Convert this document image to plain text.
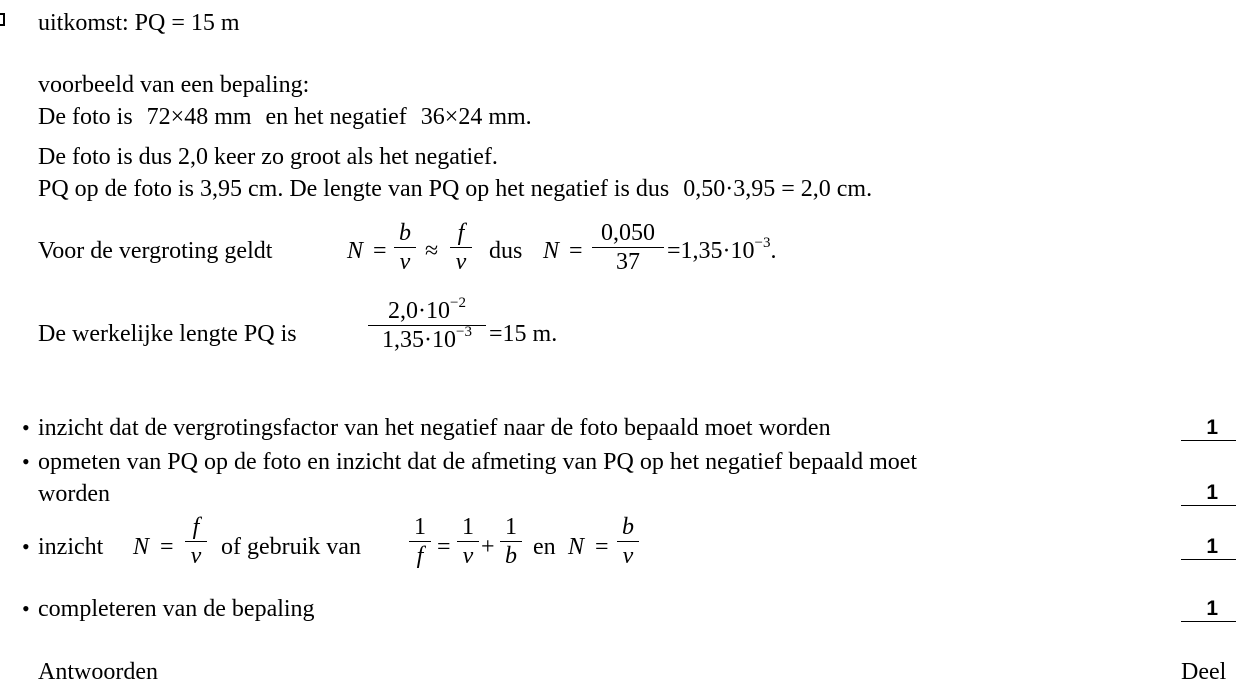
uitkomst: PQ = 15 m
voorbeeld van een bepaling:
De foto is 72×48 mm en het negatief 36×24 mm.
De foto is dus 2,0 keer zo groot als het negatief.
PQ op de foto is 3,95 cm. De lengte van PQ op het negatief is dus 0,50·3,95 = 2,0 cm.
Voor de vergroting geldt	N =
b
v ≈
f
v dus N =
0,050
37	$=1,35\cdot 10^{-3}$.
De werkelijke lengte PQ is
$2,0\cdot 10^{-2}$
$1,35\cdot 10^{-3} =15$ m.
• inzicht dat de vergrotingsfactor van het negatief naar de foto bepaald moet worden	1
• opmeten van PQ op de foto en inzicht dat de afmeting van PQ op het negatief bepaald moet
worden	1
• inzicht N =
f
v of gebruik van
1
f =
1
v +
1
b en N =
b
v	1
• completeren van de bepaling	1
Antwoorden	Deel
